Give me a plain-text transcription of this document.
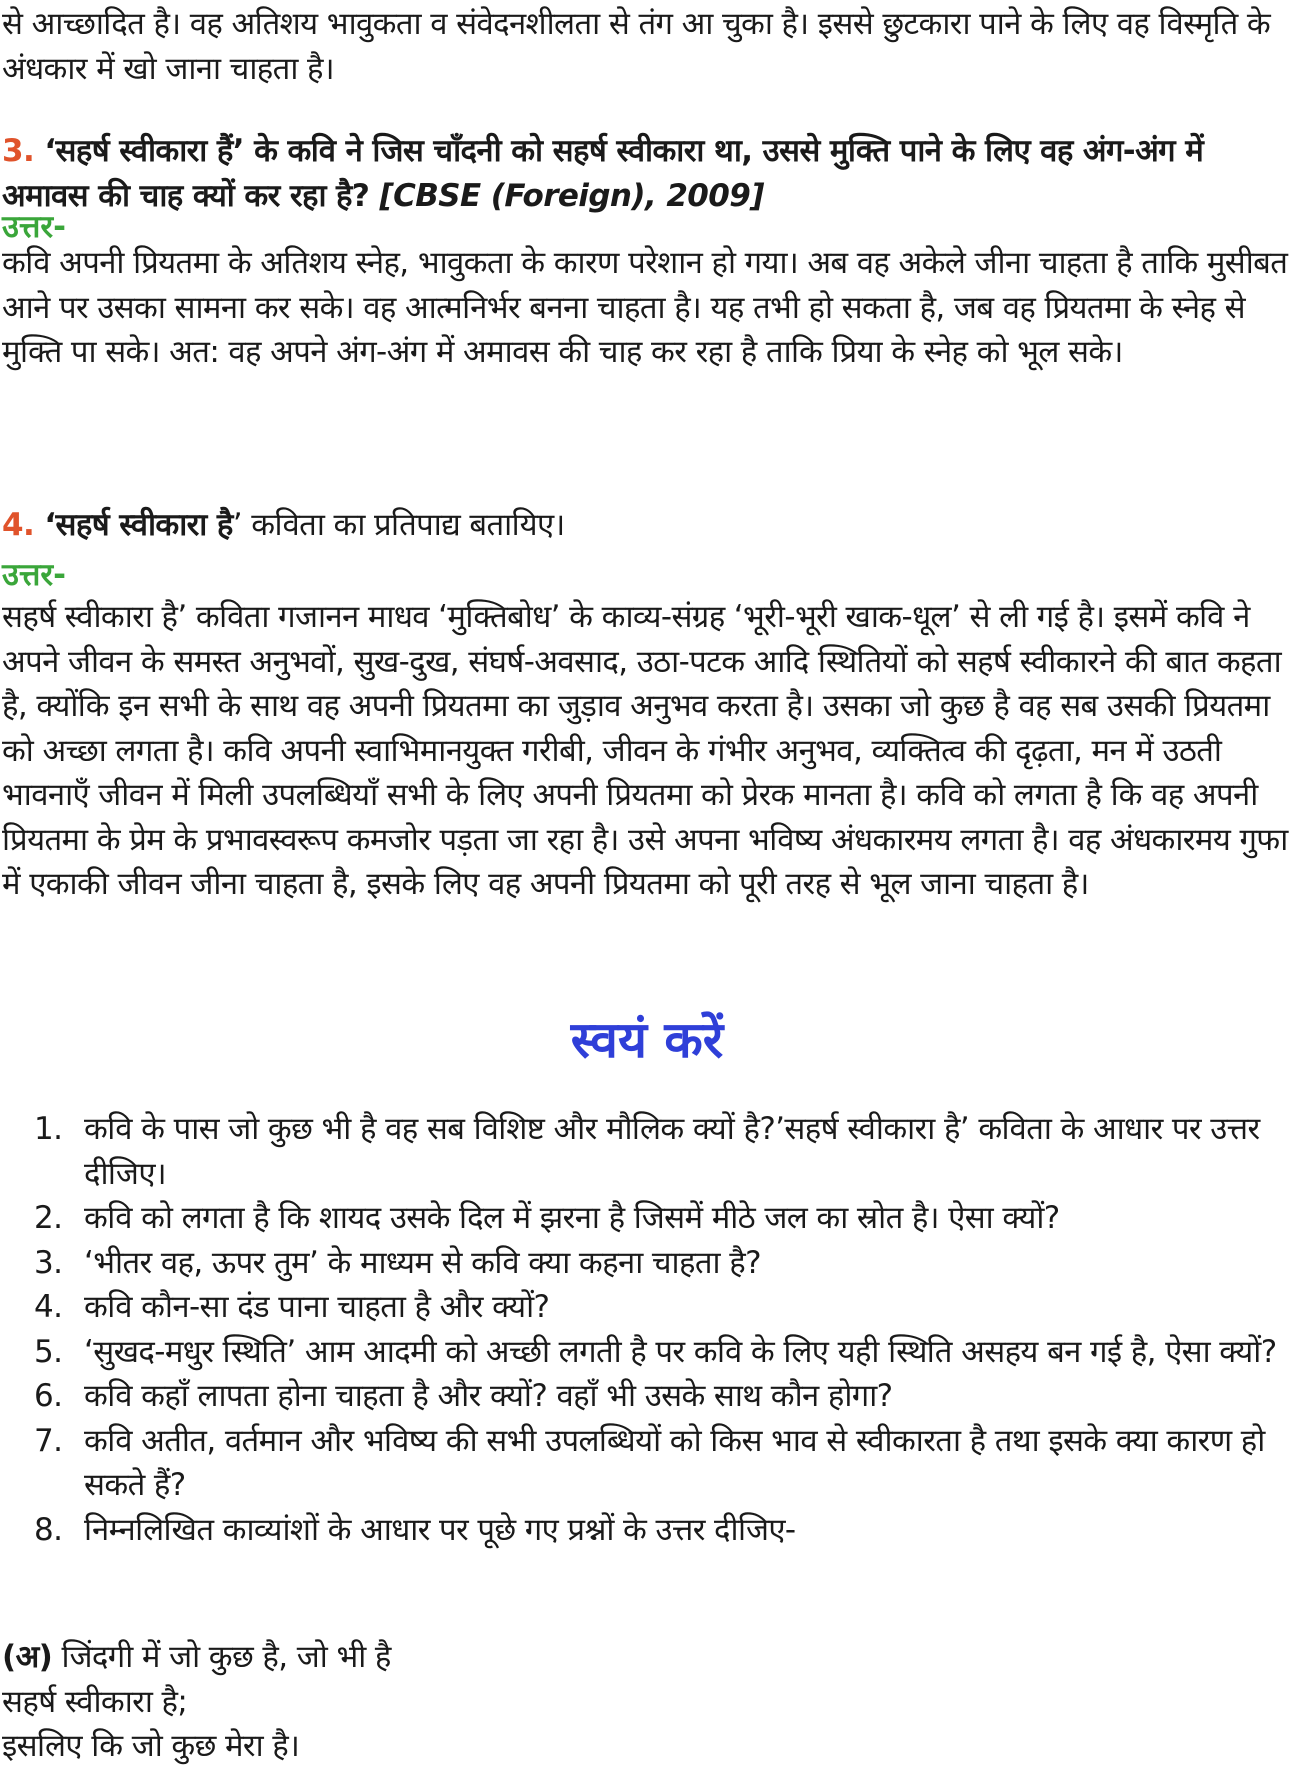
से आच्छादित है। वह अतिशय भावुकता व संवेदनशीलता से तंग आ चुका है। इससे छुटकारा पाने के लिए वह विस्मृति के अंधकार में खो जाना चाहता है।

3. ‘सहर्ष स्वीकारा हैं’ के कवि ने जिस चाँदनी को सहर्ष स्वीकारा था, उससे मुक्ति पाने के लिए वह अंग-अंग में अमावस की चाह क्यों कर रहा है? [CBSE (Foreign), 2009]

उत्तर-

कवि अपनी प्रियतमा के अतिशय स्नेह, भावुकता के कारण परेशान हो गया। अब वह अकेले जीना चाहता है ताकि मुसीबत आने पर उसका सामना कर सके। वह आत्मनिर्भर बनना चाहता है। यह तभी हो सकता है, जब वह प्रियतमा के स्नेह से मुक्ति पा सके। अत: वह अपने अंग-अंग में अमावस की चाह कर रहा है ताकि प्रिया के स्नेह को भूल सके।

4. ‘सहर्ष स्वीकारा है’ कविता का प्रतिपाद्य बतायिए।

उत्तर-

सहर्ष स्वीकारा है’ कविता गजानन माधव ‘मुक्तिबोध’ के काव्य-संग्रह ‘भूरी-भूरी खाक-धूल’ से ली गई है। इसमें कवि ने अपने जीवन के समस्त अनुभवों, सुख-दुख, संघर्ष-अवसाद, उठा-पटक आदि स्थितियों को सहर्ष स्वीकारने की बात कहता है, क्योंकि इन सभी के साथ वह अपनी प्रियतमा का जुड़ाव अनुभव करता है। उसका जो कुछ है वह सब उसकी प्रियतमा को अच्छा लगता है। कवि अपनी स्वाभिमानयुक्त गरीबी, जीवन के गंभीर अनुभव, व्यक्तित्व की दृढ़ता, मन में उठती भावनाएँ जीवन में मिली उपलब्धियाँ सभी के लिए अपनी प्रियतमा को प्रेरक मानता है। कवि को लगता है कि वह अपनी प्रियतमा के प्रेम के प्रभावस्वरूप कमजोर पड़ता जा रहा है। उसे अपना भविष्य अंधकारमय लगता है। वह अंधकारमय गुफा में एकाकी जीवन जीना चाहता है, इसके लिए वह अपनी प्रियतमा को पूरी तरह से भूल जाना चाहता है।

स्वयं करें
1. कवि के पास जो कुछ भी है वह सब विशिष्ट और मौलिक क्यों है?’सहर्ष स्वीकारा है’ कविता के आधार पर उत्तर दीजिए।
2. कवि को लगता है कि शायद उसके दिल में झरना है जिसमें मीठे जल का स्रोत है। ऐसा क्यों?
3. ‘भीतर वह, ऊपर तुम’ के माध्यम से कवि क्या कहना चाहता है?
4. कवि कौन-सा दंड पाना चाहता है और क्यों?
5. ‘सुखद-मधुर स्थिति’ आम आदमी को अच्छी लगती है पर कवि के लिए यही स्थिति असहय बन गई है, ऐसा क्यों?
6. कवि कहाँ लापता होना चाहता है और क्यों? वहाँ भी उसके साथ कौन होगा?
7. कवि अतीत, वर्तमान और भविष्य की सभी उपलब्धियों को किस भाव से स्वीकारता है तथा इसके क्या कारण हो सकते हैं?
8. निम्नलिखित काव्यांशों के आधार पर पूछे गए प्रश्नों के उत्तर दीजिए-
(अ) जिंदगी में जो कुछ है, जो भी है
सहर्ष स्वीकारा है;
इसलिए कि जो कुछ मेरा है।
